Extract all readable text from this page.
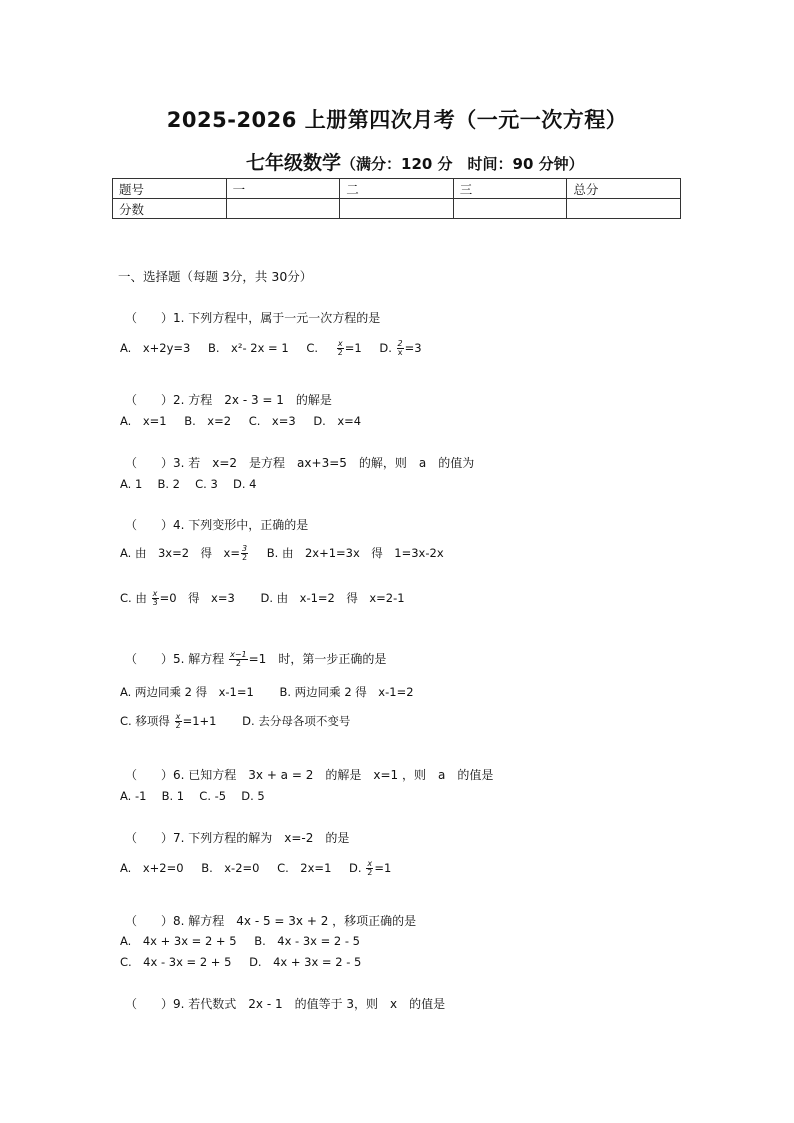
2025-2026 上册第四次月考（一元一次方程）
七年级数学（满分：120 分　时间：90 分钟）
题号	一	二	三	总分
分数				
一、选择题（每题 3分，共 30分）
（　　）1. 下列方程中，属于一元一次方程的是
A.　x+2y=3 B.　x²- 2x = 1 C. $\frac{x}{2} =1$ D. $\frac{2}{x} =3$
（　　）2. 方程　2x - 3 = 1　的解是
A.　x=1 B.　x=2 C.　x=3 D.　x=4
（　　）3. 若　x=2　是方程　ax+3=5　的解，则　a　的值为
A. 1　 B. 2　 C. 3　 D. 4
（　　）4. 下列变形中，正确的是
A. 由　3x=2　得　$x= \frac{3}{2} B$. 由　2x+1=3x　得　1=3x-2x
C. 由 $\frac{x}{3} =0$　得　x=3 D. 由　x-1=2　得　x=2-1
（　　）5. 解方程 $\frac{x-1}{2} =1$　时，第一步正确的是
A. 两边同乘 2 得　x-1=1 B. 两边同乘 2 得　x-1=2
C. 移项得 $\frac{x}{2} =1+1$ D. 去分母各项不变号
（　　）6. 已知方程　3x + a = 2　的解是　x=1 ，则　a　的值是
A. -1　 B. 1　 C. -5　 D. 5
（　　）7. 下列方程的解为　x=-2　的是
A.　x+2=0 B.　x-2=0 C.　2x=1 D. $\frac{x}{2} =1$
（　　）8. 解方程　4x - 5 = 3x + 2 ，移项正确的是
A.　4x + 3x = 2 + 5 B.　4x - 3x = 2 - 5
C.　4x - 3x = 2 + 5 D.　4x + 3x = 2 - 5
（　　）9. 若代数式　2x - 1　的值等于 3，则　x　的值是
